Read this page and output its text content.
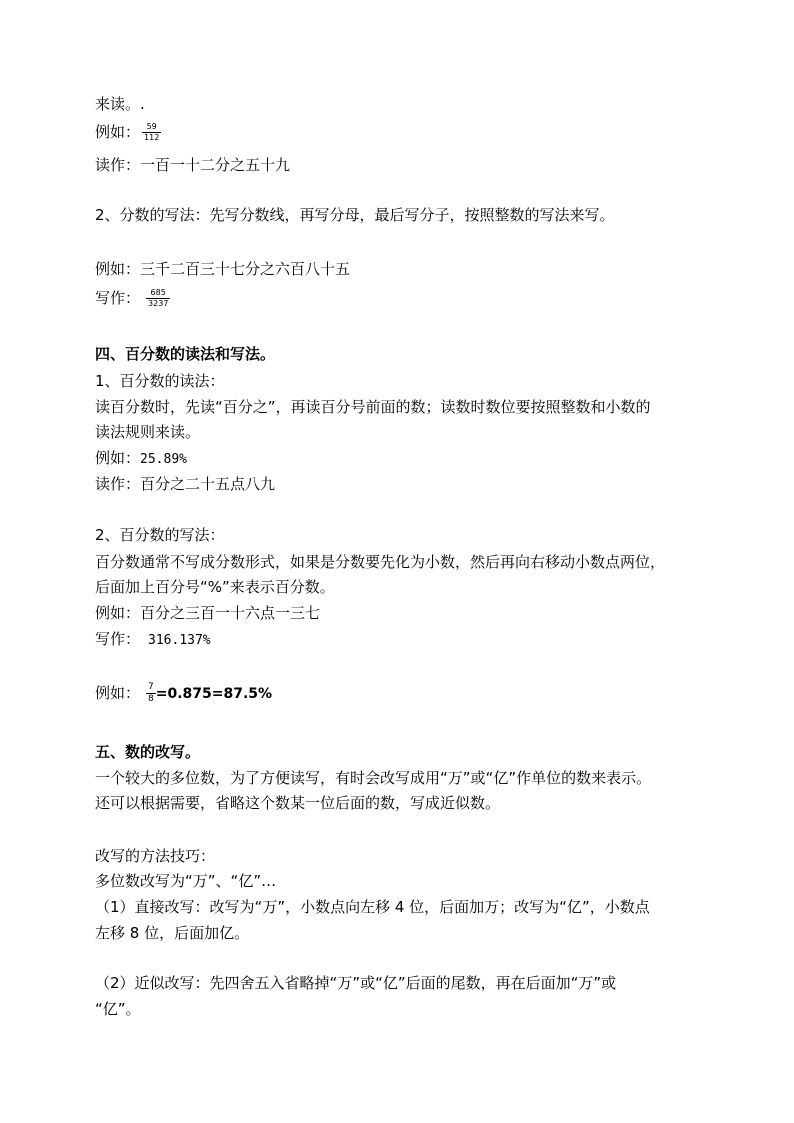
来读。.
例如： $\frac{59}{112}$
读作：一百一十二分之五十九
2、分数的写法：先写分数线，再写分母，最后写分子，按照整数的写法来写。
例如：三千二百三十七分之六百八十五
写作： $\frac{685}{3237}$
四、百分数的读法和写法。
1、百分数的读法：
读百分数时，先读“百分之”，再读百分号前面的数；读数时数位要按照整数和小数的
读法规则来读。
例如：25.89%
读作：百分之二十五点八九
2、百分数的写法：
百分数通常不写成分数形式，如果是分数要先化为小数，然后再向右移动小数点两位，
后面加上百分号“%”来表示百分数。
例如：百分之三百一十六点一三七
写作： 316.137%
例如： $\frac{7}{8} =0.875=87.5\%$
五、数的改写。
一个较大的多位数，为了方便读写，有时会改写成用“万”或“亿”作单位的数来表示。
还可以根据需要，省略这个数某一位后面的数，写成近似数。
改写的方法技巧：
多位数改写为“万”、“亿”…
（1）直接改写：改写为“万”，小数点向左移 4 位，后面加万；改写为“亿”，小数点
左移 8 位，后面加亿。
（2）近似改写：先四舍五入省略掉“万”或“亿”后面的尾数，再在后面加“万”或
“亿”。
